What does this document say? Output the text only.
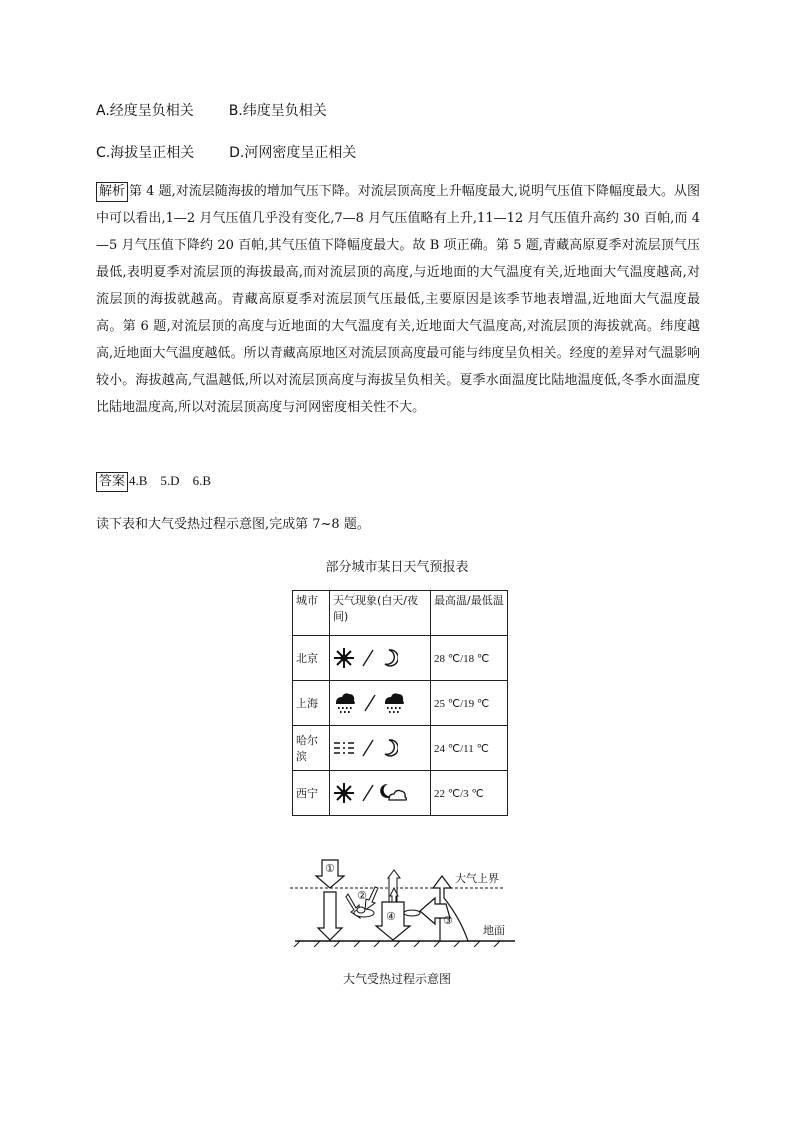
A.经度呈负相关 B.纬度呈负相关
C.海拔呈正相关 D.河网密度呈正相关
解析 第 4 题,对流层随海拔的增加气压下降。对流层顶高度上升幅度最大,说明气压值下降幅度最大。从图中可以看出,1—2 月气压值几乎没有变化,7—8 月气压值略有上升,11—12 月气压值升高约 30 百帕,而 4—5 月气压值下降约 20 百帕,其气压值下降幅度最大。故 B 项正确。第 5 题,青藏高原夏季对流层顶气压最低,表明夏季对流层顶的海拔最高,而对流层顶的高度,与近地面的大气温度有关,近地面大气温度越高,对流层顶的海拔就越高。青藏高原夏季对流层顶气压最低,主要原因是该季节地表增温,近地面大气温度最高。第 6 题,对流层顶的高度与近地面的大气温度有关,近地面大气温度高,对流层顶的海拔就高。纬度越高,近地面大气温度越低。所以青藏高原地区对流层顶高度最可能与纬度呈负相关。经度的差异对气温影响较小。海拔越高,气温越低,所以对流层顶高度与海拔呈负相关。夏季水面温度比陆地温度低,冬季水面温度比陆地温度高,所以对流层顶高度与河网密度相关性不大。
答案 4.B　5.D　6.B
读下表和大气受热过程示意图,完成第 7~8 题。
部分城市某日天气预报表
城市	天气现象(白天/夜间)	最高温/最低温
北京		28 ℃/18 ℃
上海		25 ℃/19 ℃
哈尔滨		24 ℃/11 ℃
西宁		22 ℃/3 ℃
①
②
③
④
大气上界
地面
大气受热过程示意图
